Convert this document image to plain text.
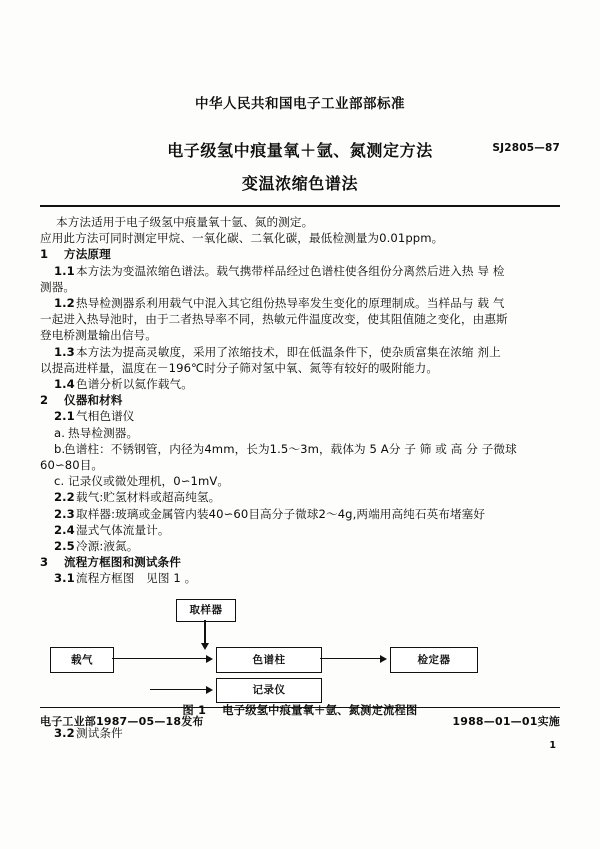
中华人民共和国电子工业部部标准
电子级氢中痕量氧＋氩、氮测定方法	SJ2805—87
变温浓缩色谱法

本方法适用于电子级氢中痕量氧十氩、氮的测定。

应用此方法可同时测定甲烷、一氧化碳、二氧化碳，最低检测量为0.01ppm。

1 方法原理

1.1本方法为变温浓缩色谱法。载气携带样品经过色谱柱使各组份分离然后进入热 导 检

测器。

1.2热导检测器系利用载气中混入其它组份热导率发生变化的原理制成。当样品与 载 气

一起进入热导池时，由于二者热导率不同，热敏元件温度改变，使其阻值随之变化，由惠斯

登电桥测量输出信号。

1.3本方法为提高灵敏度，采用了浓缩技术，即在低温条件下，使杂质富集在浓缩 剂上

以提高进样量，温度在－196℃时分子筛对氢中氧、氮等有较好的吸附能力。

1.4色谱分析以氦作载气。

2 仪器和材料

2.1气相色谱仪

a. 热导检测器。

b.色谱柱：不锈钢管，内径为4mm，长为1.5～3m，载体为 5 A分 子 筛 或 高 分 子微球

60∽80目。

c. 记录仪或微处理机，0∽1mV。

2.2载气:贮氢材料或超高纯氢。

2.3取样器:玻璃或金属管内装40∽60目高分子微球2～4g,两端用高纯石英布堵塞好

2.4湿式气体流量计。

2.5冷源:液氮。

3 流程方框图和测试条件

3.1流程方框图　见图 1 。

取样器
载气	色谱柱	检定器
记录仪
图 1 电子级氢中痕量氧＋氩、氮测定流程图

3.2测试条件

电子工业部1987—05—18发布	1988—01—01实施
1
